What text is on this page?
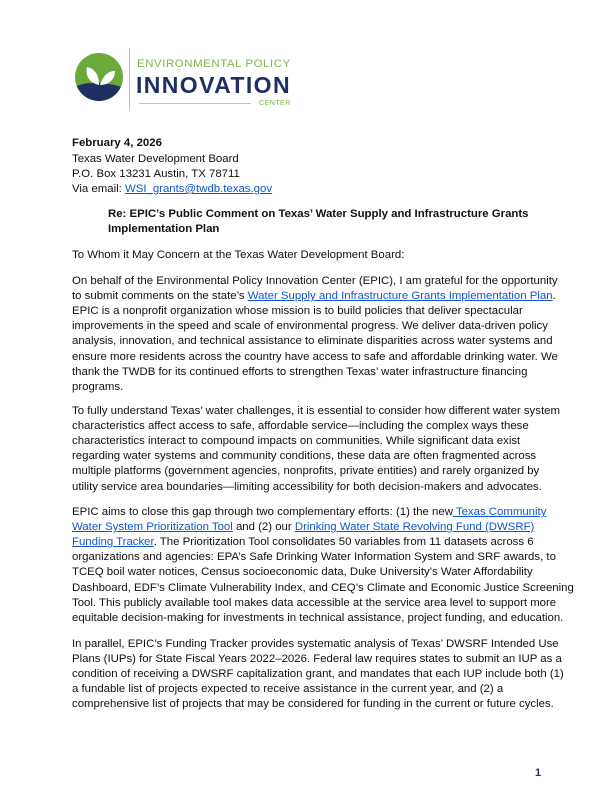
ENVIRONMENTAL POLICY
INNOVATION
CENTER
February 4, 2026
Texas Water Development Board
P.O. Box 13231 Austin, TX 78711
Via email: WSI_grants@twdb.texas.gov
Re: EPIC’s Public Comment on Texas’ Water Supply and Infrastructure Grants
Implementation Plan
To Whom it May Concern at the Texas Water Development Board:
On behalf of the Environmental Policy Innovation Center (EPIC), I am grateful for the opportunity
to submit comments on the state’s Water Supply and Infrastructure Grants Implementation Plan.
EPIC is a nonprofit organization whose mission is to build policies that deliver spectacular
improvements in the speed and scale of environmental progress. We deliver data-driven policy
analysis, innovation, and technical assistance to eliminate disparities across water systems and
ensure more residents across the country have access to safe and affordable drinking water. We
thank the TWDB for its continued efforts to strengthen Texas’ water infrastructure financing
programs.
To fully understand Texas’ water challenges, it is essential to consider how different water system
characteristics affect access to safe, affordable service—including the complex ways these
characteristics interact to compound impacts on communities. While significant data exist
regarding water systems and community conditions, these data are often fragmented across
multiple platforms (government agencies, nonprofits, private entities) and rarely organized by
utility service area boundaries—limiting accessibility for both decision-makers and advocates.
EPIC aims to close this gap through two complementary efforts: (1) the new Texas Community
Water System Prioritization Tool and (2) our Drinking Water State Revolving Fund (DWSRF)
Funding Tracker. The Prioritization Tool consolidates 50 variables from 11 datasets across 6
organizations and agencies: EPA’s Safe Drinking Water Information System and SRF awards, to
TCEQ boil water notices, Census socioeconomic data, Duke University’s Water Affordability
Dashboard, EDF’s Climate Vulnerability Index, and CEQ’s Climate and Economic Justice Screening
Tool. This publicly available tool makes data accessible at the service area level to support more
equitable decision-making for investments in technical assistance, project funding, and education.
In parallel, EPIC’s Funding Tracker provides systematic analysis of Texas’ DWSRF Intended Use
Plans (IUPs) for State Fiscal Years 2022–2026. Federal law requires states to submit an IUP as a
condition of receiving a DWSRF capitalization grant, and mandates that each IUP include both (1)
a fundable list of projects expected to receive assistance in the current year, and (2) a
comprehensive list of projects that may be considered for funding in the current or future cycles.
1
